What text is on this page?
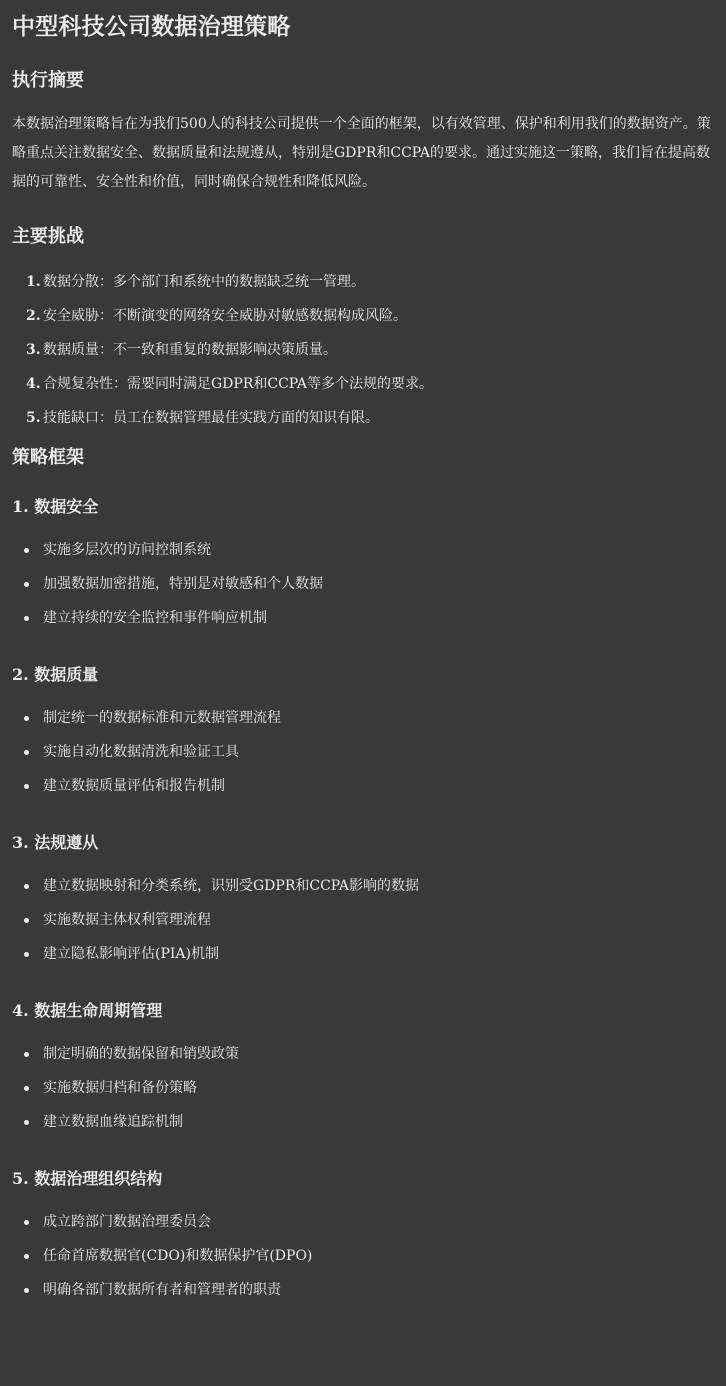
中型科技公司数据治理策略
执行摘要

本数据治理策略旨在为我们500人的科技公司提供一个全面的框架，以有效管理、保护和利用我们的数据资产。策略重点关注数据安全、数据质量和法规遵从，特别是GDPR和CCPA的要求。通过实施这一策略，我们旨在提高数据的可靠性、安全性和价值，同时确保合规性和降低风险。

主要挑战
1. 数据分散：多个部门和系统中的数据缺乏统一管理。
2. 安全威胁：不断演变的网络安全威胁对敏感数据构成风险。
3. 数据质量：不一致和重复的数据影响决策质量。
4. 合规复杂性：需要同时满足GDPR和CCPA等多个法规的要求。
5. 技能缺口：员工在数据管理最佳实践方面的知识有限。
策略框架
1. 数据安全
实施多层次的访问控制系统
加强数据加密措施，特别是对敏感和个人数据
建立持续的安全监控和事件响应机制
2. 数据质量
制定统一的数据标准和元数据管理流程
实施自动化数据清洗和验证工具
建立数据质量评估和报告机制
3. 法规遵从
建立数据映射和分类系统，识别受GDPR和CCPA影响的数据
实施数据主体权利管理流程
建立隐私影响评估(PIA)机制
4. 数据生命周期管理
制定明确的数据保留和销毁政策
实施数据归档和备份策略
建立数据血缘追踪机制
5. 数据治理组织结构
成立跨部门数据治理委员会
任命首席数据官(CDO)和数据保护官(DPO)
明确各部门数据所有者和管理者的职责
